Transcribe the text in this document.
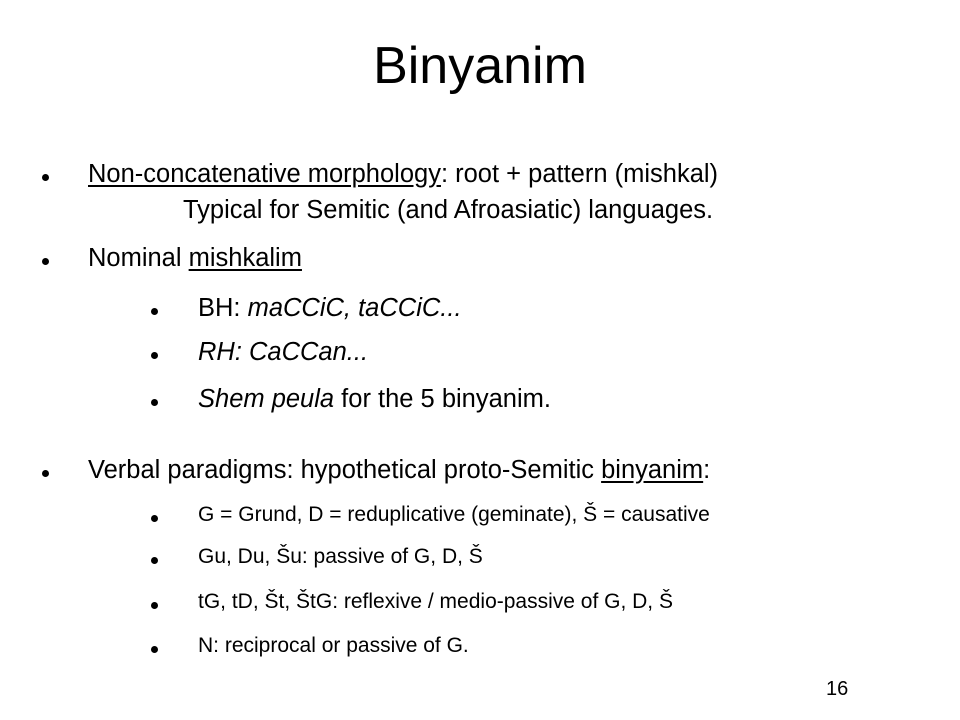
Binyanim
Non-concatenative morphology: root + pattern (mishkal)
Typical for Semitic (and Afroasiatic) languages.
Nominal mishkalim
BH: maCCiC, taCCiC...
RH: CaCCan...
Shem peula for the 5 binyanim.
Verbal paradigms: hypothetical proto-Semitic binyanim:
G = Grund, D = reduplicative (geminate), Š = causative
Gu, Du, Šu: passive of G, D, Š
tG, tD, Št, ŠtG: reflexive / medio-passive of G, D, Š
N: reciprocal or passive of G.
16
